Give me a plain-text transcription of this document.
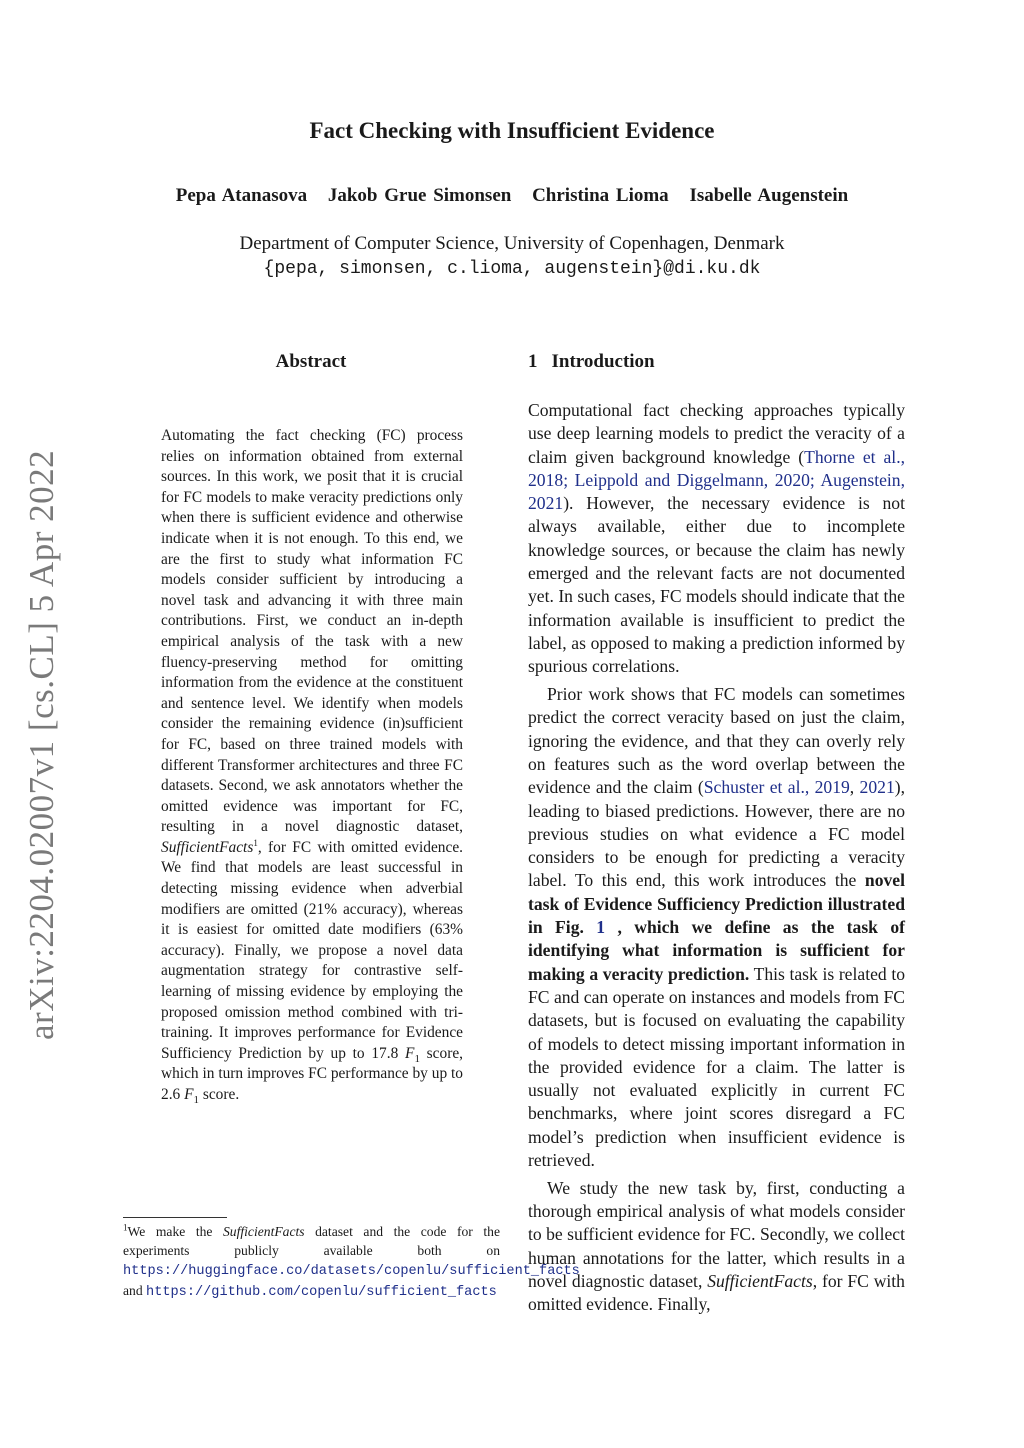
arXiv:2204.02007v1 [cs.CL] 5 Apr 2022
Fact Checking with Insufficient Evidence
Pepa Atanasova Jakob Grue Simonsen Christina Lioma Isabelle Augenstein
Department of Computer Science, University of Copenhagen, Denmark
{pepa, simonsen, c.lioma, augenstein}@di.ku.dk
Abstract
Automating the fact checking (FC) process relies on information obtained from external sources. In this work, we posit that it is crucial for FC models to make veracity predictions only when there is sufficient evidence and otherwise indicate when it is not enough. To this end, we are the first to study what information FC models consider sufficient by introducing a novel task and advancing it with three main contributions. First, we conduct an in-depth empirical analysis of the task with a new fluency-preserving method for omitting information from the evidence at the constituent and sentence level. We identify when models consider the remaining evidence (in)sufficient for FC, based on three trained models with different Transformer architectures and three FC datasets. Second, we ask annotators whether the omitted evidence was important for FC, resulting in a novel diagnostic dataset, SufficientFacts$^1$, for FC with omitted evidence. We find that models are least successful in detecting missing evidence when adverbial modifiers are omitted (21% accuracy), whereas it is easiest for omitted date modifiers (63% accuracy). Finally, we propose a novel data augmentation strategy for contrastive self-learning of missing evidence by employing the proposed omission method combined with tri-training. It improves performance for Evidence Sufficiency Prediction by up to 17.8 $F_1$ score, which in turn improves FC performance by up to 2.6 $F_1$ score.
$^1$We make the SufficientFacts dataset and the code for the experiments publicly available both on https://huggingface.co/datasets/copenlu/sufficient_facts and https://github.com/copenlu/sufficient_facts
1 Introduction

Computational fact checking approaches typically use deep learning models to predict the veracity of a claim given background knowledge (Thorne et al., 2018; Leippold and Diggelmann, 2020; Augenstein, 2021). However, the necessary evidence is not always available, either due to incomplete knowledge sources, or because the claim has newly emerged and the relevant facts are not documented yet. In such cases, FC models should indicate that the information available is insufficient to predict the label, as opposed to making a prediction informed by spurious correlations.

Prior work shows that FC models can sometimes predict the correct veracity based on just the claim, ignoring the evidence, and that they can overly rely on features such as the word overlap between the evidence and the claim (Schuster et al., 2019, 2021), leading to biased predictions. However, there are no previous studies on what evidence a FC model considers to be enough for predicting a veracity label. To this end, this work introduces the novel task of Evidence Sufficiency Prediction illustrated in Fig. 1 , which we define as the task of identifying what information is sufficient for making a veracity prediction. This task is related to FC and can operate on instances and models from FC datasets, but is focused on evaluating the capability of models to detect missing important information in the provided evidence for a claim. The latter is usually not evaluated explicitly in current FC benchmarks, where joint scores disregard a FC model’s prediction when insufficient evidence is retrieved.

We study the new task by, first, conducting a thorough empirical analysis of what models consider to be sufficient evidence for FC. Secondly, we collect human annotations for the latter, which results in a novel diagnostic dataset, SufficientFacts, for FC with omitted evidence. Finally,
